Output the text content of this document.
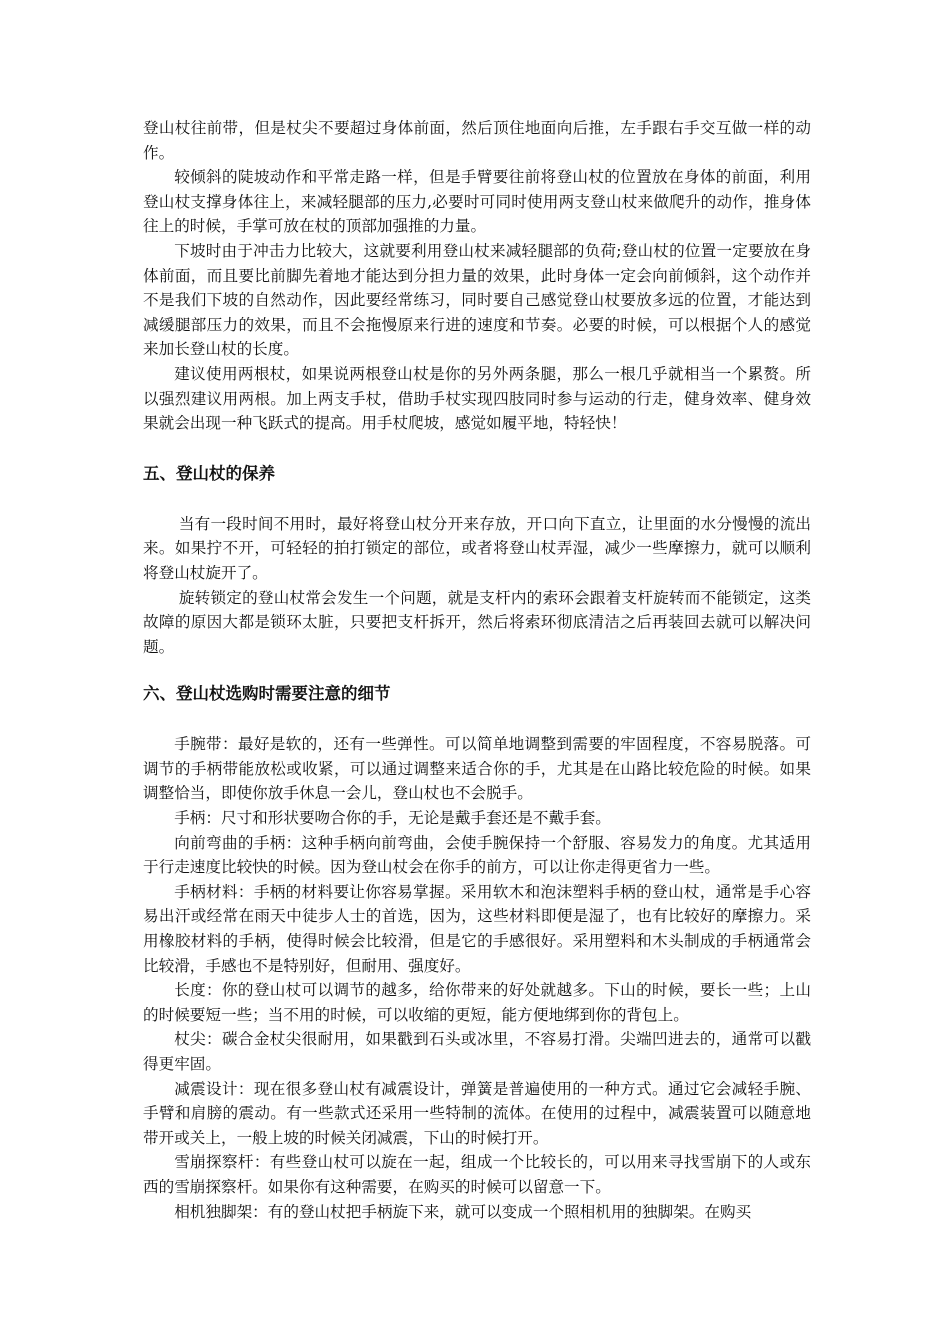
登山杖往前带，但是杖尖不要超过身体前面，然后顶住地面向后推，左手跟右手交互做一样的动作。

较倾斜的陡坡动作和平常走路一样，但是手臂要往前将登山杖的位置放在身体的前面，利用登山杖支撑身体往上，来减轻腿部的压力,必要时可同时使用两支登山杖来做爬升的动作，推身体往上的时候，手掌可放在杖的顶部加强推的力量。

下坡时由于冲击力比较大，这就要利用登山杖来减轻腿部的负荷;登山杖的位置一定要放在身体前面，而且要比前脚先着地才能达到分担力量的效果，此时身体一定会向前倾斜，这个动作并不是我们下坡的自然动作，因此要经常练习，同时要自己感觉登山杖要放多远的位置，才能达到减缓腿部压力的效果，而且不会拖慢原来行进的速度和节奏。必要的时候，可以根据个人的感觉来加长登山杖的长度。

建议使用两根杖，如果说两根登山杖是你的另外两条腿，那么一根几乎就相当一个累赘。所以强烈建议用两根。加上两支手杖，借助手杖实现四肢同时参与运动的行走，健身效率、健身效果就会出现一种飞跃式的提高。用手杖爬坡，感觉如履平地，特轻快！

五、登山杖的保养

当有一段时间不用时，最好将登山杖分开来存放，开口向下直立，让里面的水分慢慢的流出来。如果拧不开，可轻轻的拍打锁定的部位，或者将登山杖弄湿，减少一些摩擦力，就可以顺利将登山杖旋开了。

旋转锁定的登山杖常会发生一个问题，就是支杆内的索环会跟着支杆旋转而不能锁定，这类故障的原因大都是锁环太脏，只要把支杆拆开，然后将索环彻底清洁之后再装回去就可以解决问题。

六、登山杖选购时需要注意的细节

手腕带：最好是软的，还有一些弹性。可以简单地调整到需要的牢固程度，不容易脱落。可调节的手柄带能放松或收紧，可以通过调整来适合你的手，尤其是在山路比较危险的时候。如果调整恰当，即使你放手休息一会儿，登山杖也不会脱手。

手柄：尺寸和形状要吻合你的手，无论是戴手套还是不戴手套。

向前弯曲的手柄：这种手柄向前弯曲，会使手腕保持一个舒服、容易发力的角度。尤其适用于行走速度比较快的时候。因为登山杖会在你手的前方，可以让你走得更省力一些。

手柄材料：手柄的材料要让你容易掌握。采用软木和泡沫塑料手柄的登山杖，通常是手心容易出汗或经常在雨天中徒步人士的首选，因为，这些材料即便是湿了，也有比较好的摩擦力。采用橡胶材料的手柄，使得时候会比较滑，但是它的手感很好。采用塑料和木头制成的手柄通常会比较滑，手感也不是特别好，但耐用、强度好。

长度：你的登山杖可以调节的越多，给你带来的好处就越多。下山的时候，要长一些；上山的时候要短一些；当不用的时候，可以收缩的更短，能方便地绑到你的背包上。

杖尖：碳合金杖尖很耐用，如果戳到石头或冰里，不容易打滑。尖端凹进去的，通常可以戳得更牢固。

减震设计：现在很多登山杖有减震设计，弹簧是普遍使用的一种方式。通过它会减轻手腕、手臂和肩膀的震动。有一些款式还采用一些特制的流体。在使用的过程中，减震装置可以随意地带开或关上，一般上坡的时候关闭减震，下山的时候打开。

雪崩探察杆：有些登山杖可以旋在一起，组成一个比较长的，可以用来寻找雪崩下的人或东西的雪崩探察杆。如果你有这种需要，在购买的时候可以留意一下。

相机独脚架：有的登山杖把手柄旋下来，就可以变成一个照相机用的独脚架。在购买
